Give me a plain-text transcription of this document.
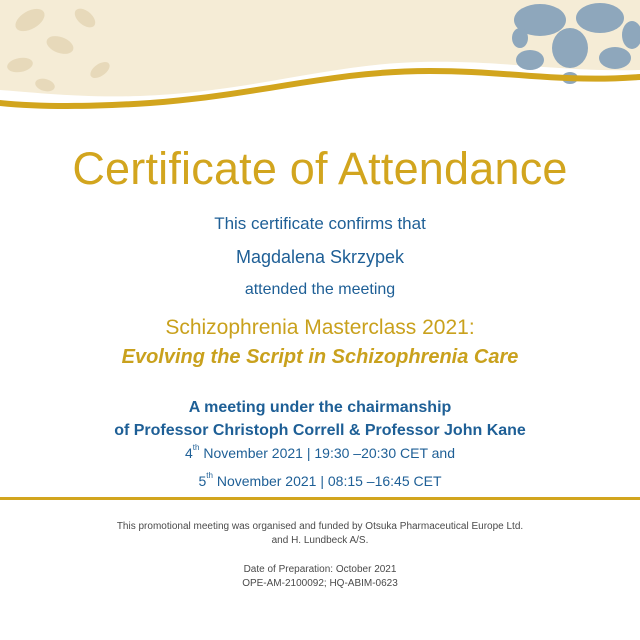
Certificate of Attendance
This certificate confirms that
Magdalena Skrzypek
attended the meeting
Schizophrenia Masterclass 2021:
Evolving the Script in Schizophrenia Care
A meeting under the chairmanship
of Professor Christoph Correll & Professor John Kane
4th November 2021 | 19:30 –20:30 CET and
5th November 2021 | 08:15 –16:45 CET
This promotional meeting was organised and funded by Otsuka Pharmaceutical Europe Ltd.
and H. Lundbeck A/S.
Date of Preparation: October 2021
OPE-AM-2100092; HQ-ABIM-0623
